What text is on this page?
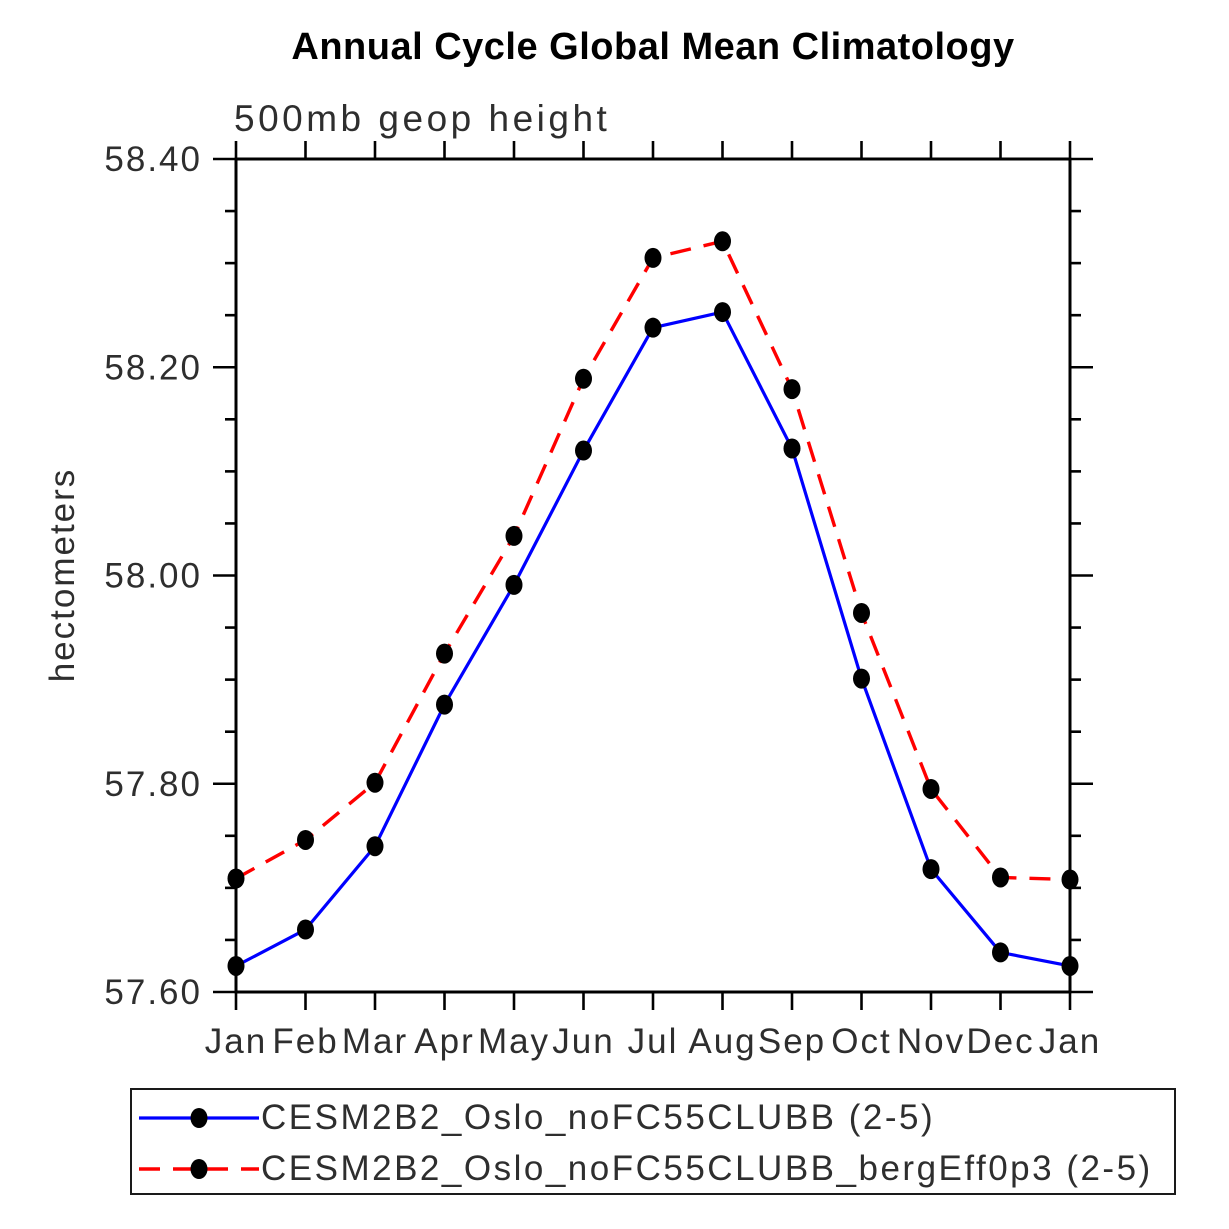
Annual Cycle Global Mean Climatology
500mb geop height
hectometers
Jan Feb Mar Apr May Jun Jul Aug Sep Oct Nov Dec Jan
57.60
57.80
58.00
58.20
58.40
CESM2B2_Oslo_noFC55CLUBB (2-5)
CESM2B2_Oslo_noFC55CLUBB_bergEff0p3 (2-5)
